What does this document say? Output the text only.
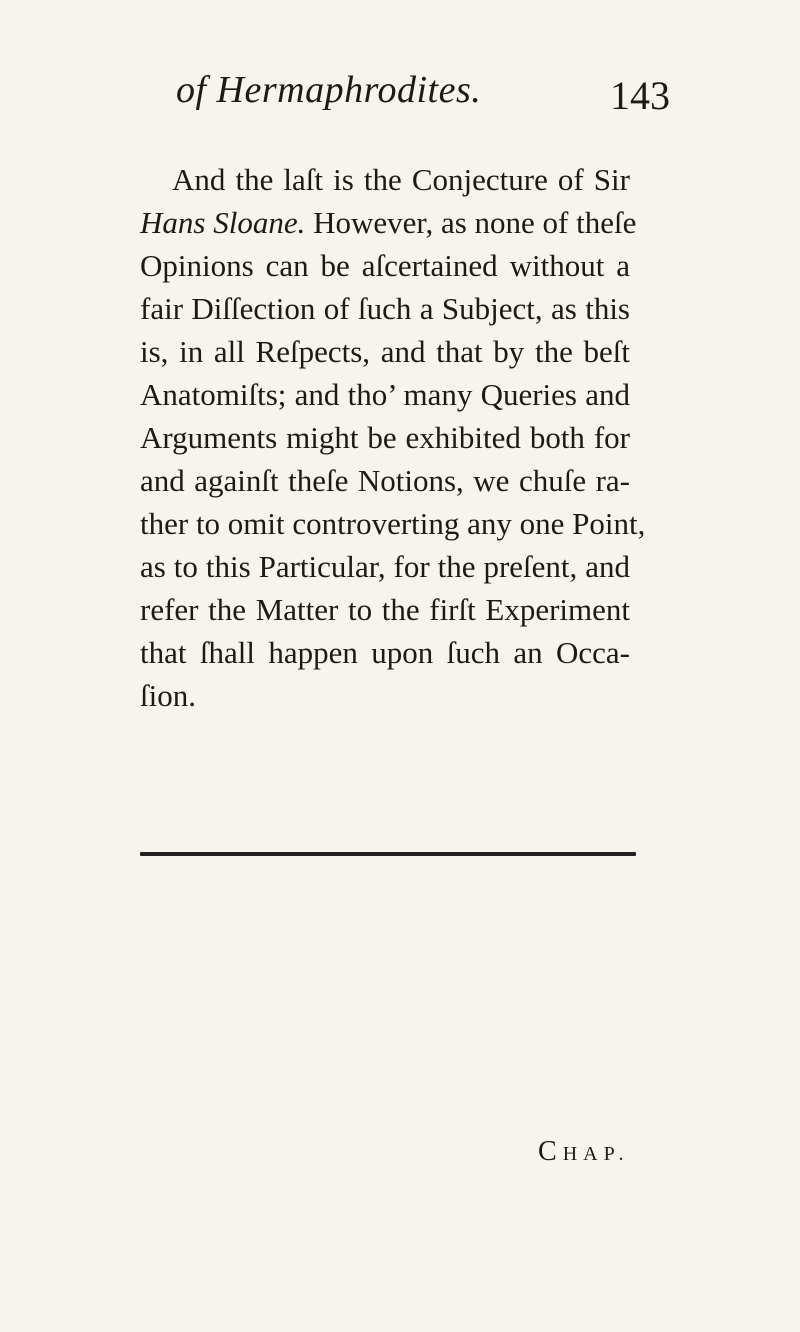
of Hermaphrodites.	143
And the laſt is the Conjecture of Sir
Hans Sloane. However, as none of theſe
Opinions can be aſcertained without a
fair Diſſection of ſuch a Subject, as this
is, in all Reſpects, and that by the beſt
Anatomiſts; and tho’ many Queries and
Arguments might be exhibited both for
and againſt theſe Notions, we chuſe ra-
ther to omit controverting any one Point,
as to this Particular, for the preſent, and
refer the Matter to the firſt Experiment
that ſhall happen upon ſuch an Occa-
ſion.
CHAP.
